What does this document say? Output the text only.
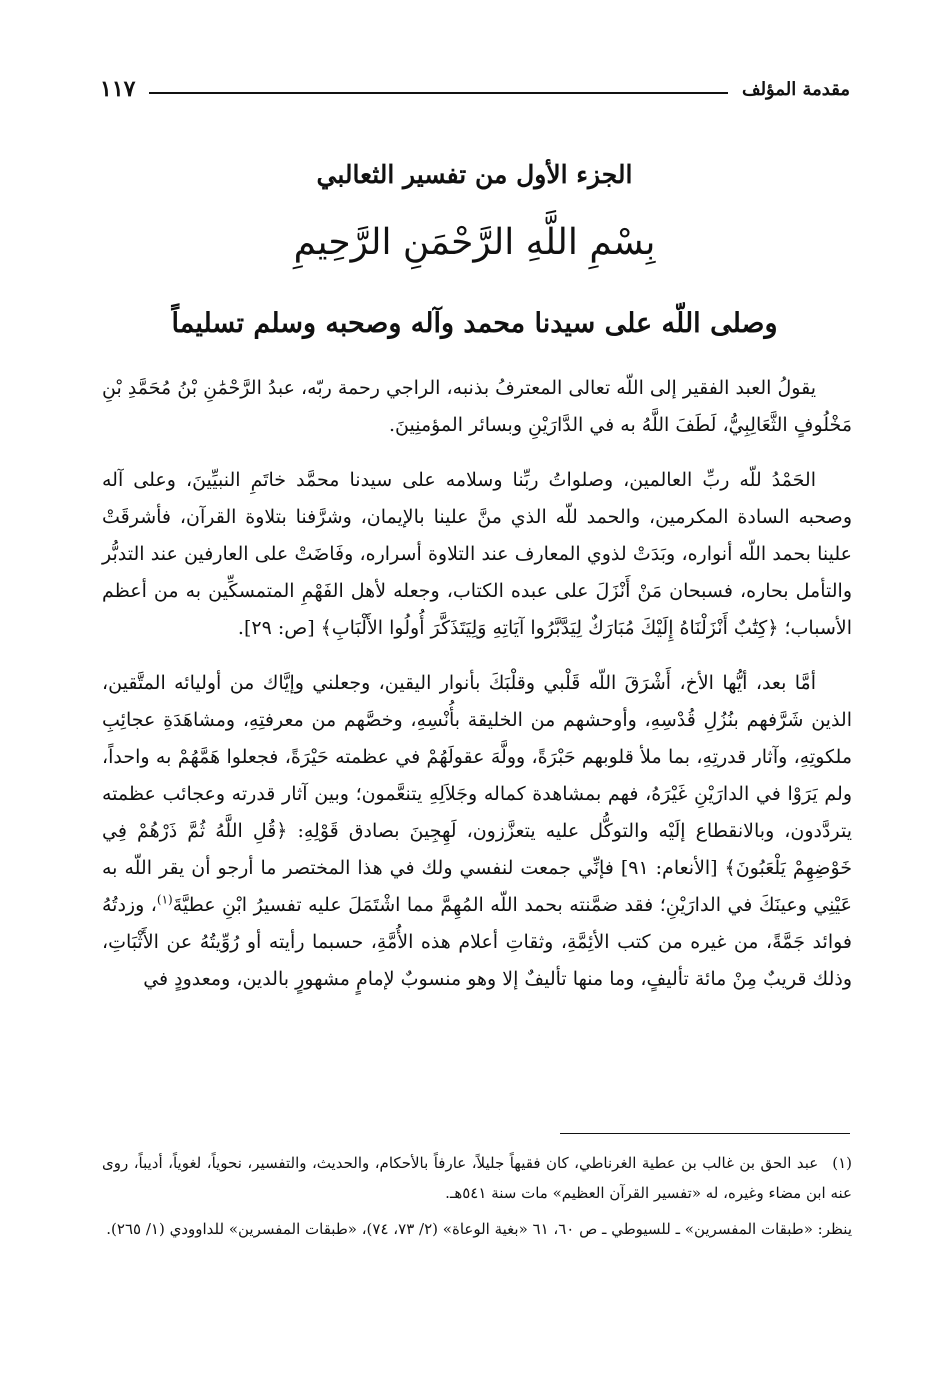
مقدمة المؤلف
١١٧
الجزء الأول من تفسير الثعالبي
بِسْمِ اللَّهِ الرَّحْمَنِ الرَّحِيمِ
وصلى اللّه على سيدنا محمد وآله وصحبه وسلم تسليماً

يقولُ العبد الفقير إلى اللّه تعالى المعترفُ بذنبه، الراجي رحمة ربّه، عبدُ الرَّحْمَٰنِ بْنُ مُحَمَّدِ بْنِ مَخْلُوفٍ الثَّعَالِبِيُّ، لَطَفَ اللَّهُ به في الدَّارَيْنِ وبسائر المؤمنِينَ.

الحَمْدُ للّه ربِّ العالمين، وصلواتُ ربِّنا وسلامه على سيدنا محمَّد خاتَمِ النبيِّينَ، وعلى آله وصحبه السادة المكرمين، والحمد للّه الذي منَّ علينا بالإيمان، وشرَّفنا بتلاوة القرآن، فأشرقَتْ علينا بحمد اللّه أنواره، وبَدَتْ لذوي المعارف عند التلاوة أسراره، وفَاضَتْ على العارفين عند التدبُّر والتأمل بحاره، فسبحان مَنْ أَنْزَلَ على عبده الكتاب، وجعله لأهل الفَهْمِ المتمسكِّين به من أعظم الأسباب؛ ﴿كِتَٰبٌ أَنْزَلْنَاهُ إِلَيْكَ مُبَارَكٌ لِيَدَّبَّرُوا آيَاتِهِ وَلِيَتَذَكَّرَ أُولُوا الأَلْبَابِ﴾ [ص: ٢٩].

أمَّا بعد، أيُّها الأخ، أَشْرَقَ اللّه قَلْبي وقلْبَكَ بأنوار اليقين، وجعلني وإيَّاك من أوليائه المتَّقين، الذين شَرَّفهم بنُزُلِ قُدْسِهِ، وأوحشهم من الخليقة بأُنْسِهِ، وخصَّهم من معرفتِهِ، ومشاهَدَةِ عجائِبِ ملكوتِهِ، وآثار قدرتِهِ، بما ملأ قلوبهم حَبْرَةً، وولَّهَ عقولَهُمْ في عظمته حَيْرَةً، فجعلوا هَمَّهُمْ به واحداً، ولم يَرَوْا في الدارَيْنِ غَيْرَهُ، فهم بمشاهدة كماله وجَلاَلِهِ يتنعَّمون؛ وبين آثار قدرته وعجائب عظمته يتردَّدون، وبالانقطاع إلَيْه والتوكُّل عليه يتعزَّزون، لَهِجِينَ بصادق قَوْلِهِ: ﴿قُلِ اللَّهُ ثُمَّ ذَرْهُمْ فِي خَوْضِهِمْ يَلْعَبُونَ﴾ [الأنعام: ٩١] فإنِّي جمعت لنفسي ولك في هذا المختصر ما أرجو أن يقر اللّه به عَيْنِي وعينَكَ في الدارَيْنِ؛ فقد ضمَّنته بحمد اللّه المُهِمَّ مما اشْتَمَلَ عليه تفسيرُ ابْنِ عطيَّةَ$^{(١)}$، وزدتُهُ فوائد جَمَّةً، من غيره من كتب الأئِمَّةِ، وثقاتِ أعلام هذه الأُمَّةِ، حسبما رأيته أو رُوِّيتُهُ عن الأَثْبَاتِ، وذلك قريبٌ مِنْ مائة تأليفٍ، وما منها تأليفٌ إلا وهو منسوبٌ لإمامٍ مشهورٍ بالدين، ومعدودٍ في

(١)عبد الحق بن غالب بن عطية الغرناطي، كان فقيهاً جليلاً، عارفاً بالأحكام، والحديث، والتفسير، نحوياً، لغوياً، أديباً، روى عنه ابن مضاء وغيره، له «تفسير القرآن العظيم» مات سنة ٥٤١هـ.

ينظر: «طبقات المفسرين» ـ للسيوطي ـ ص ٦٠، ٦١ «بغية الوعاة» (٢/ ٧٣، ٧٤)، «طبقات المفسرين» للداوودي (١/ ٢٦٥).
